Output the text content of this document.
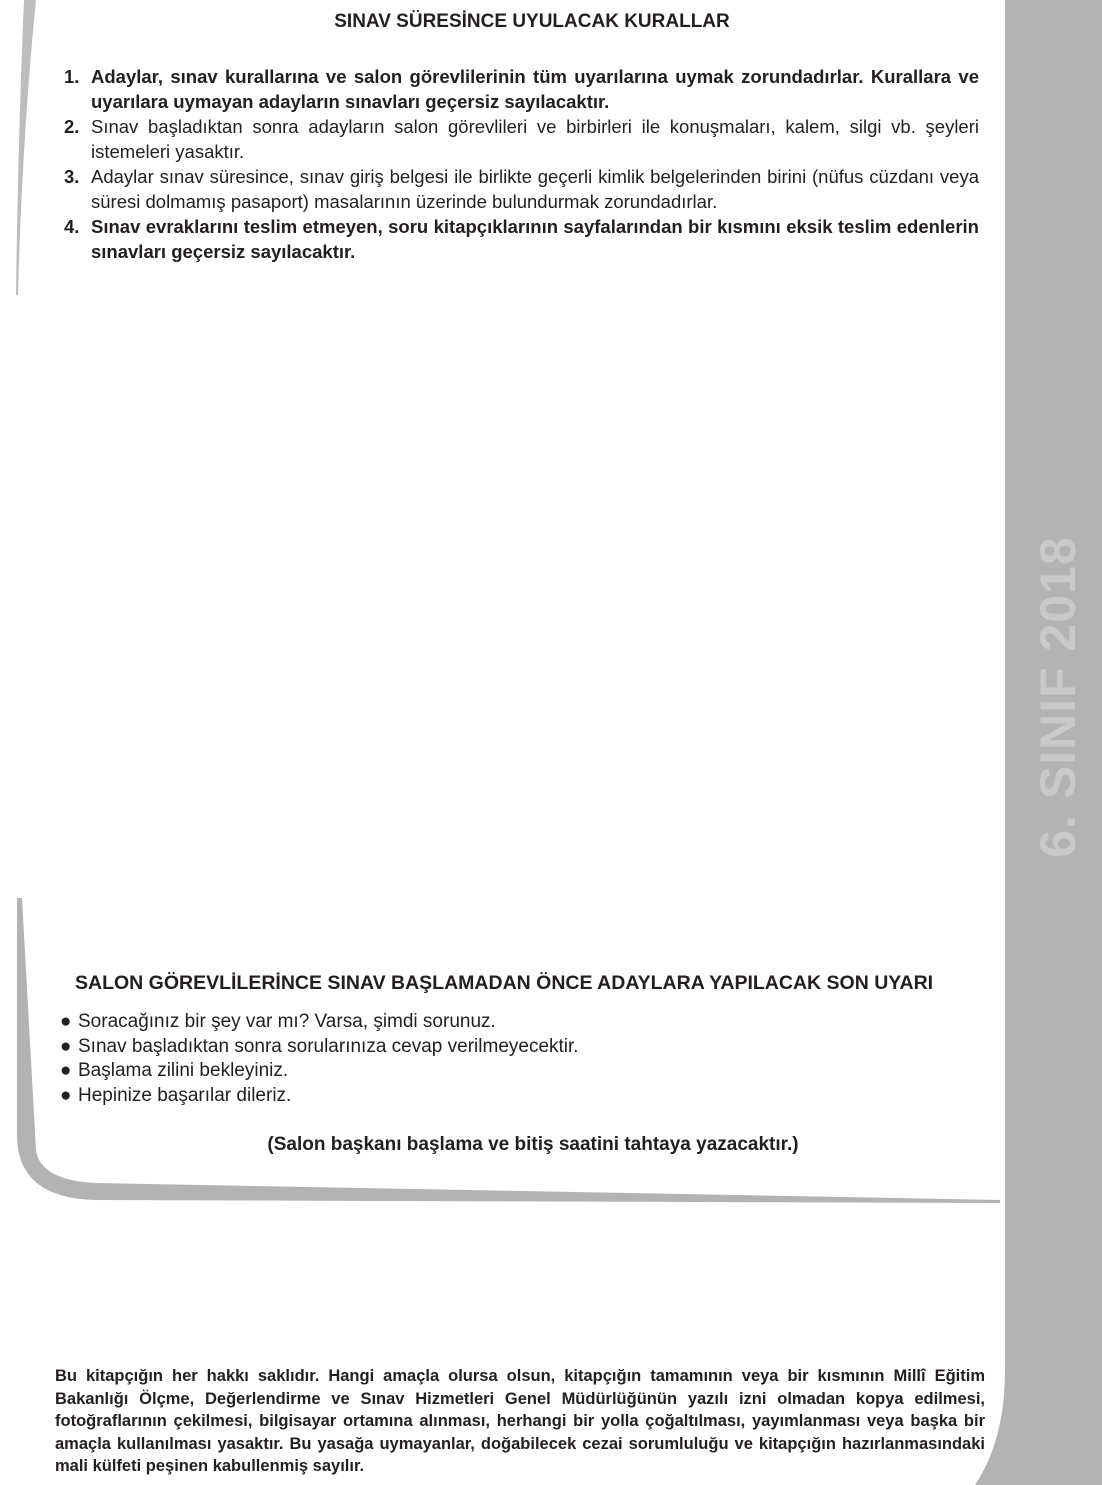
6. SINIF 2018
SINAV SÜRESİNCE UYULACAK KURALLAR
1. Adaylar, sınav kurallarına ve salon görevlilerinin tüm uyarılarına uymak zorundadırlar. Kurallara ve uyarılara uymayan adayların sınavları geçersiz sayılacaktır.
2. Sınav başladıktan sonra adayların salon görevlileri ve birbirleri ile konuşmaları, kalem, silgi vb. şeyleri istemeleri yasaktır.
3. Adaylar sınav süresince, sınav giriş belgesi ile birlikte geçerli kimlik belgelerinden birini (nüfus cüzdanı veya süresi dolmamış pasaport) masalarının üzerinde bulundurmak zorundadırlar.
4. Sınav evraklarını teslim etmeyen, soru kitapçıklarının sayfalarından bir kısmını eksik teslim edenlerin sınavları geçersiz sayılacaktır.
SALON GÖREVLİLERİNCE SINAV BAŞLAMADAN ÖNCE ADAYLARA YAPILACAK SON UYARI
● Soracağınız bir şey var mı? Varsa, şimdi sorunuz.
● Sınav başladıktan sonra sorularınıza cevap verilmeyecektir.
● Başlama zilini bekleyiniz.
● Hepinize başarılar dileriz.
(Salon başkanı başlama ve bitiş saatini tahtaya yazacaktır.)
Bu kitapçığın her hakkı saklıdır. Hangi amaçla olursa olsun, kitapçığın tamamının veya bir kısmının Millî Eğitim Bakanlığı Ölçme, Değerlendirme ve Sınav Hizmetleri Genel Müdürlüğünün yazılı izni olmadan kopya edilmesi, fotoğraflarının çekilmesi, bilgisayar ortamına alınması, herhangi bir yolla çoğaltılması, yayımlanması veya başka bir amaçla kullanılması yasaktır. Bu yasağa uymayanlar, doğabilecek cezai sorumluluğu ve kitapçığın hazırlanmasındaki mali külfeti peşinen kabullenmiş sayılır.
